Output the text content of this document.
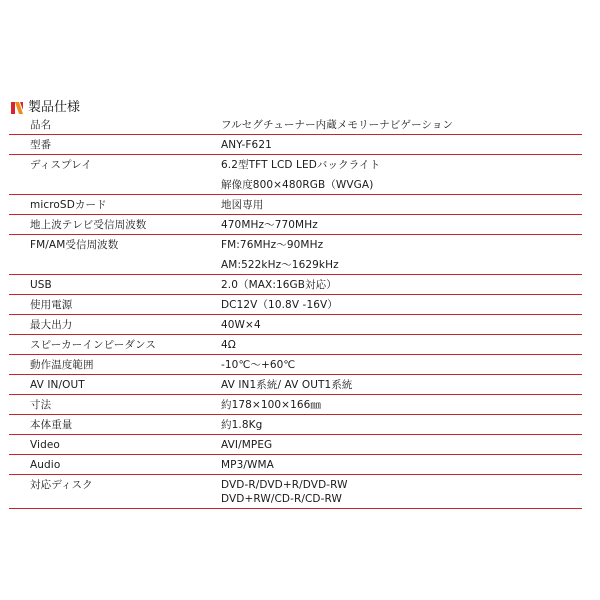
製品仕様
品名	フルセグチューナー内蔵メモリーナビゲーション

型番	ANY-F621

ディスプレイ	6.2型TFT LCD LEDバックライト
解像度800×480RGB（WVGA)

microSDカード	地図専用

地上波テレビ受信周波数	470MHz～770MHz

FM/AM受信周波数	FM:76MHz～90MHz
AM:522kHz～1629kHz

USB	2.0（MAX:16GB対応）

使用電源	DC12V（10.8V -16V）

最大出力	40W×4

スピーカーインピーダンス	4Ω

動作温度範囲	-10℃～+60℃

AV IN/OUT	AV IN1系統/ AV OUT1系統

寸法	約178×100×166㎜

本体重量	約1.8Kg

Video	AVI/MPEG

Audio	MP3/WMA

対応ディスク	DVD-R/DVD+R/DVD-RW
DVD+RW/CD-R/CD-RW
